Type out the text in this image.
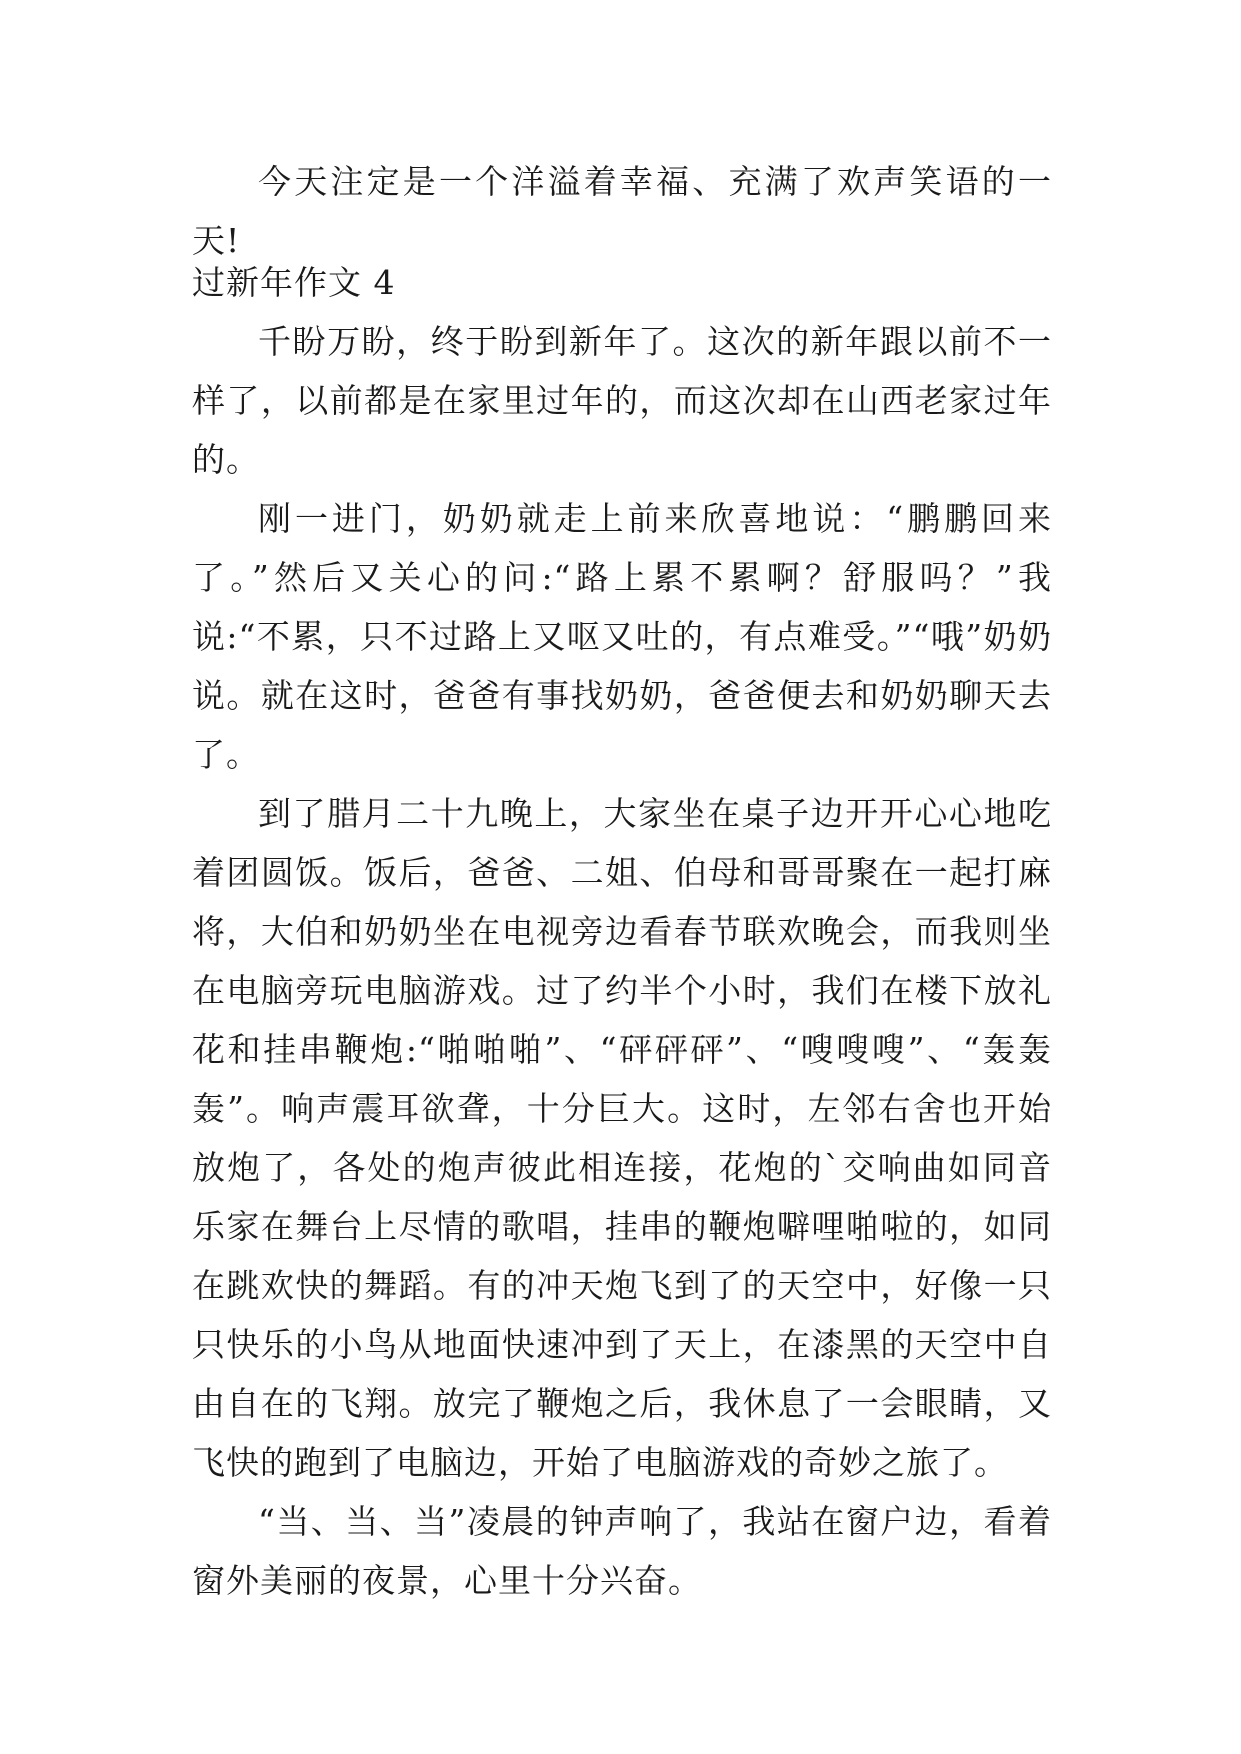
今天注定是一个洋溢着幸福、充满了欢声笑语的一天!

过新年作文 4

千盼万盼，终于盼到新年了。这次的新年跟以前不一样了，以前都是在家里过年的，而这次却在山西老家过年的。

刚一进门，奶奶就走上前来欣喜地说：“鹏鹏回来了。”然后又关心的问:“路上累不累啊？舒服吗？”我说:“不累，只不过路上又呕又吐的，有点难受。”“哦”奶奶说。就在这时，爸爸有事找奶奶，爸爸便去和奶奶聊天去了。

到了腊月二十九晚上，大家坐在桌子边开开心心地吃着团圆饭。饭后，爸爸、二姐、伯母和哥哥聚在一起打麻将，大伯和奶奶坐在电视旁边看春节联欢晚会，而我则坐在电脑旁玩电脑游戏。过了约半个小时，我们在楼下放礼花和挂串鞭炮:“啪啪啪”、“砰砰砰”、“嗖嗖嗖”、“轰轰轰”。响声震耳欲聋，十分巨大。这时，左邻右舍也开始放炮了，各处的炮声彼此相连接，花炮的`交响曲如同音乐家在舞台上尽情的歌唱，挂串的鞭炮噼哩啪啦的，如同在跳欢快的舞蹈。有的冲天炮飞到了的天空中，好像一只只快乐的小鸟从地面快速冲到了天上，在漆黑的天空中自由自在的飞翔。放完了鞭炮之后，我休息了一会眼睛，又飞快的跑到了电脑边，开始了电脑游戏的奇妙之旅了。

“当、当、当”凌晨的钟声响了，我站在窗户边，看着窗外美丽的夜景，心里十分兴奋。
